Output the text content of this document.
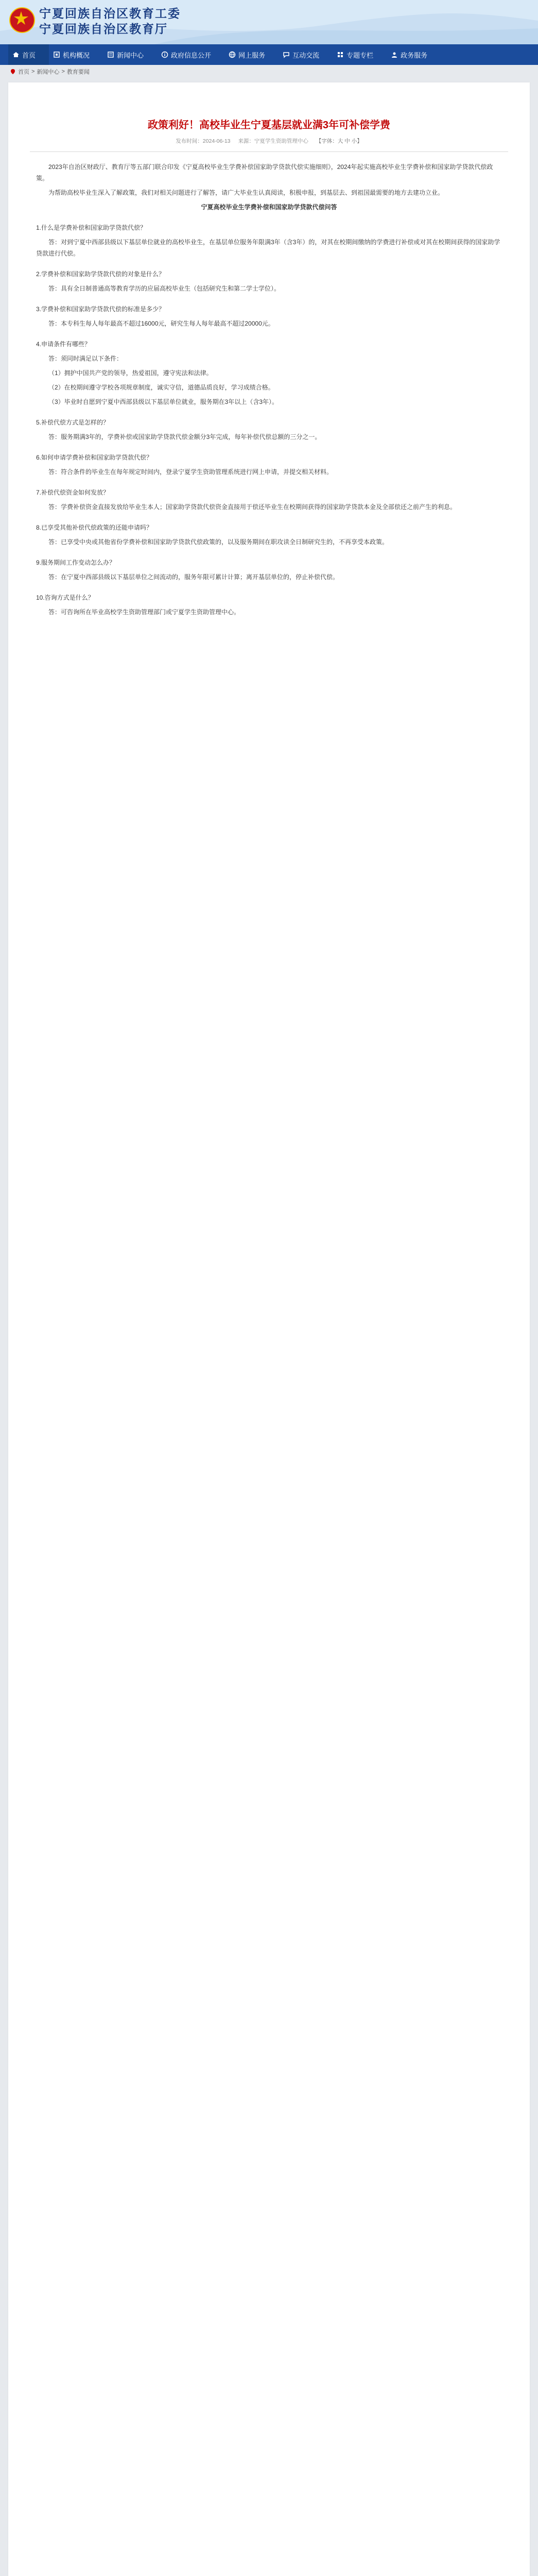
宁夏回族自治区教育工委
宁夏回族自治区教育厅
首页	机构概况	新闻中心	政府信息公开	网上服务	互动交流	专题专栏	政务服务
首页 > 新闻中心 > 教育要闻
政策利好！高校毕业生宁夏基层就业满3年可补偿学费
发布时间：2024-06-13 来源：宁夏学生资助管理中心 【字体：大 中 小】

2023年自治区财政厅、教育厅等五部门联合印发《宁夏高校毕业生学费补偿国家助学贷款代偿实施细则》，2024年起实施高校毕业生学费补偿和国家助学贷款代偿政策。

为帮助高校毕业生深入了解政策，我们对相关问题进行了解答，请广大毕业生认真阅读，积极申报，到基层去、到祖国最需要的地方去建功立业。

宁夏高校毕业生学费补偿和国家助学贷款代偿问答

1.什么是学费补偿和国家助学贷款代偿？

答：对到宁夏中西部县级以下基层单位就业的高校毕业生，在基层单位服务年限满3年（含3年）的，对其在校期间缴纳的学费进行补偿或对其在校期间获得的国家助学贷款进行代偿。

2.学费补偿和国家助学贷款代偿的对象是什么？

答：具有全日制普通高等教育学历的应届高校毕业生（包括研究生和第二学士学位）。

3.学费补偿和国家助学贷款代偿的标准是多少？

答：本专科生每人每年最高不超过16000元，研究生每人每年最高不超过20000元。

4.申请条件有哪些？

答：须同时满足以下条件：

（1）拥护中国共产党的领导，热爱祖国，遵守宪法和法律。

（2）在校期间遵守学校各项规章制度，诚实守信，道德品质良好，学习成绩合格。

（3）毕业时自愿到宁夏中西部县级以下基层单位就业，服务期在3年以上（含3年）。

5.补偿代偿方式是怎样的？

答：服务期满3年的，学费补偿或国家助学贷款代偿金额分3年完成，每年补偿代偿总额的三分之一。

6.如何申请学费补偿和国家助学贷款代偿？

答：符合条件的毕业生在每年规定时间内，登录宁夏学生资助管理系统进行网上申请，并提交相关材料。

7.补偿代偿资金如何发放？

答：学费补偿资金直接发放给毕业生本人；国家助学贷款代偿资金直接用于偿还毕业生在校期间获得的国家助学贷款本金及全部偿还之前产生的利息。

8.已享受其他补偿代偿政策的还能申请吗？

答：已享受中央或其他省份学费补偿和国家助学贷款代偿政策的，以及服务期间在职攻读全日制研究生的，不再享受本政策。

9.服务期间工作变动怎么办？

答：在宁夏中西部县级以下基层单位之间流动的，服务年限可累计计算；离开基层单位的，停止补偿代偿。

10.咨询方式是什么？

答：可咨询所在毕业高校学生资助管理部门或宁夏学生资助管理中心。
